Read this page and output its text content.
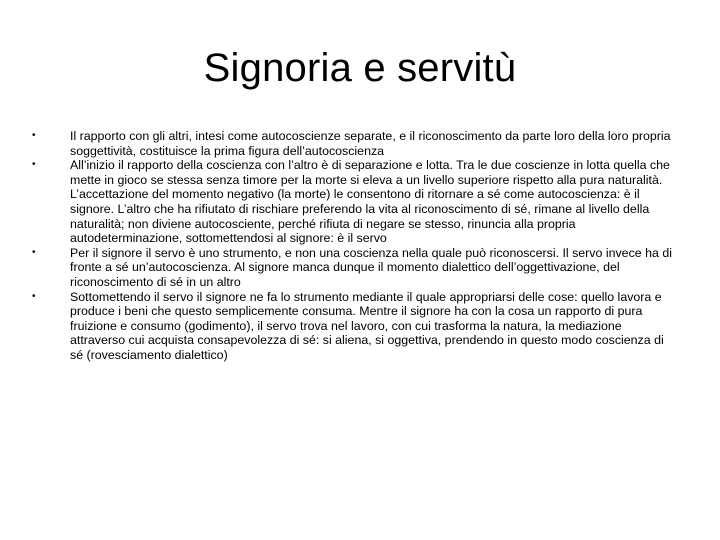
Signoria e servitù
•	Il rapporto con gli altri, intesi come autocoscienze separate, e il riconoscimento da parte loro della loro propria soggettività, costituisce la prima figura dell’autocoscienza
•	All’inizio il rapporto della coscienza con l’altro è di separazione e lotta. Tra le due coscienze in lotta quella che mette in gioco se stessa senza timore per la morte si eleva a un livello superiore rispetto alla pura naturalità. L’accettazione del momento negativo (la morte) le consentono di ritornare a sé come autocoscienza: è il signore. L’altro che ha rifiutato di rischiare preferendo la vita al riconoscimento di sé, rimane al livello della naturalità; non diviene autocosciente, perché rifiuta di negare se stesso, rinuncia alla propria autodeterminazione, sottomettendosi al signore: è il servo
•	Per il signore il servo è uno strumento, e non una coscienza nella quale può riconoscersi. Il servo invece ha di fronte a sé un’autocoscienza. Al signore manca dunque il momento dialettico dell’oggettivazione, del riconoscimento di sé in un altro
•	Sottomettendo il servo il signore ne fa lo strumento mediante il quale appropriarsi delle cose: quello lavora e produce i beni che questo semplicemente consuma. Mentre il signore ha con la cosa un rapporto di pura fruizione e consumo (godimento), il servo trova nel lavoro, con cui trasforma la natura, la mediazione attraverso cui acquista consapevolezza di sé: si aliena, si oggettiva, prendendo in questo modo coscienza di sé (rovesciamento dialettico)
